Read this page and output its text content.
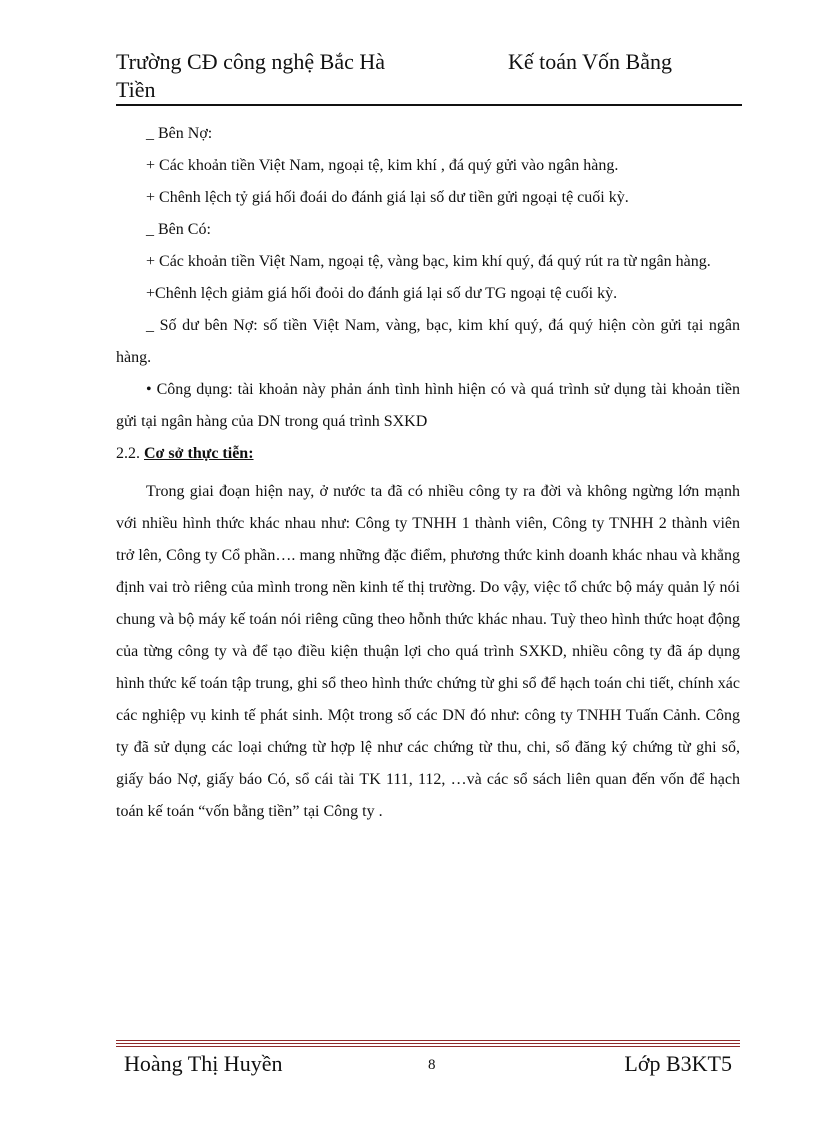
Trường CĐ công nghệ Bắc Hà
Tiền
Kế toán Vốn Bằng

_ Bên Nợ:

+ Các khoản tiền Việt Nam, ngoại tệ, kim khí , đá quý gửi vào ngân hàng.

+ Chênh lệch tỷ giá hối đoái do đánh giá lại số dư tiền gửi ngoại tệ cuối kỳ.

_ Bên Có:

+ Các khoản tiền Việt Nam, ngoại tệ, vàng bạc, kim khí quý, đá quý rút ra từ ngân hàng.

+Chênh lệch giảm giá hối đoỏi do đánh giá lại số dư TG ngoại tệ cuối kỳ.

_ Số dư bên Nợ: số tiền Việt Nam, vàng, bạc, kim khí quý, đá quý hiện còn gửi tại ngân hàng.

• Công dụng: tài khoản này phản ánh tình hình hiện có và quá trình sử dụng tài khoản tiền gửi tại ngân hàng của DN trong quá trình SXKD

2.2. Cơ sở thực tiễn:

Trong giai đoạn hiện nay, ở nước ta đã có nhiều công ty ra đời và không ngừng lớn mạnh với nhiều hình thức khác nhau như: Công ty TNHH 1 thành viên, Công ty TNHH 2 thành viên trở lên, Công ty Cổ phần…. mang những đặc điểm, phương thức kinh doanh khác nhau và khẳng định vai trò riêng của mình trong nền kinh tế thị trường. Do vậy, việc tổ chức bộ máy quản lý nói chung và bộ máy kế toán nói riêng cũng theo hỗnh thức khác nhau. Tuỳ theo hình thức hoạt động của từng công ty và để tạo điều kiện thuận lợi cho quá trình SXKD, nhiều công ty đã áp dụng hình thức kế toán tập trung, ghi sổ theo hình thức chứng từ ghi sổ để hạch toán chi tiết, chính xác các nghiệp vụ kinh tế phát sinh. Một trong số các DN đó như: công ty TNHH Tuấn Cảnh. Công ty đã sử dụng các loại chứng từ hợp lệ như các chứng từ thu, chi, sổ đăng ký chứng từ ghi sổ, giấy báo Nợ, giấy báo Có, sổ cái tài TK 111, 112, …và các sổ sách liên quan đến vốn để hạch toán kế toán “vốn bằng tiền” tại Công ty .

Hoàng Thị Huyền	8	Lớp B3KT5
